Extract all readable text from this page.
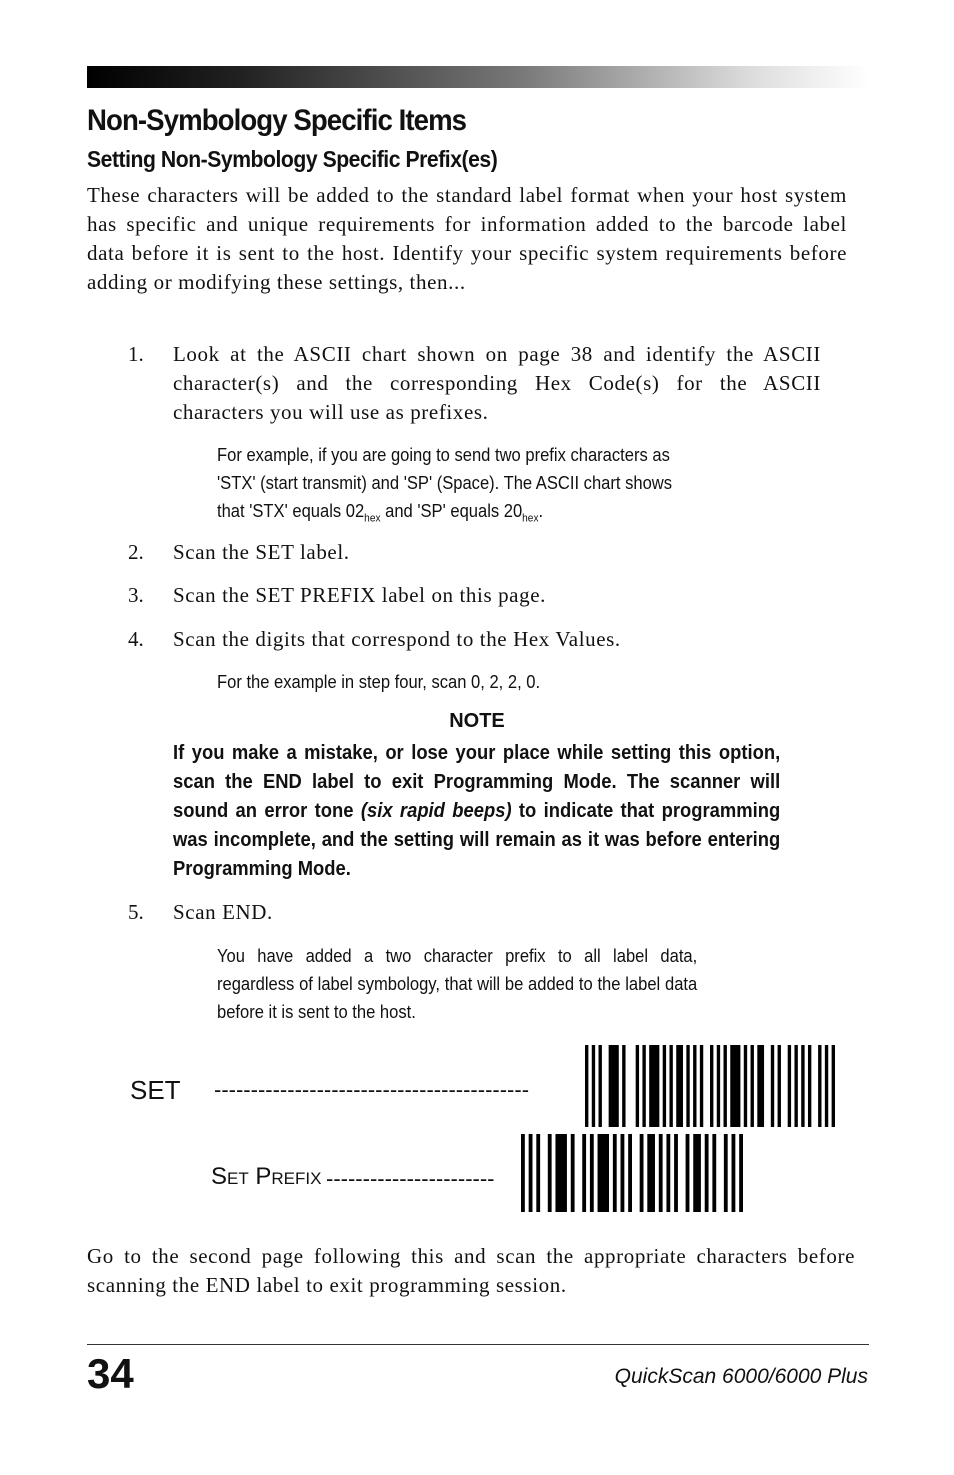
Non-Symbology Specific Items
Setting Non-Symbology Specific Prefix(es)
These characters will be added to the standard label format when your host system has specific and unique requirements for information added to the barcode label data before it is sent to the host. Identify your specific system requirements before adding or modifying these settings, then...
1. Look at the ASCII chart shown on page 38 and identify the ASCII character(s) and the corresponding Hex Code(s) for the ASCII characters you will use as prefixes.
For example, if you are going to send two prefix characters as
'STX' (start transmit) and 'SP' (Space). The ASCII chart shows
that 'STX' equals $02_{hex}$ and 'SP' equals $20_{hex}$.
2. Scan the SET label.
3. Scan the SET PREFIX label on this page.
4. Scan the digits that correspond to the Hex Values.
For the example in step four, scan 0, 2, 2, 0.
NOTE
If you make a mistake, or lose your place while setting this option, scan the END label to exit Programming Mode. The scanner will sound an error tone (six rapid beeps) to indicate that programming was incomplete, and the setting will remain as it was before entering Programming Mode.
5. Scan END.
You have added a two character prefix to all label data, regardless of label symbology, that will be added to the label data before it is sent to the host.
SET -------------------------------------------
Set Prefix -----------------------
Go to the second page following this and scan the appropriate characters before scanning the END label to exit programming session.
34	QuickScan 6000/6000 Plus
